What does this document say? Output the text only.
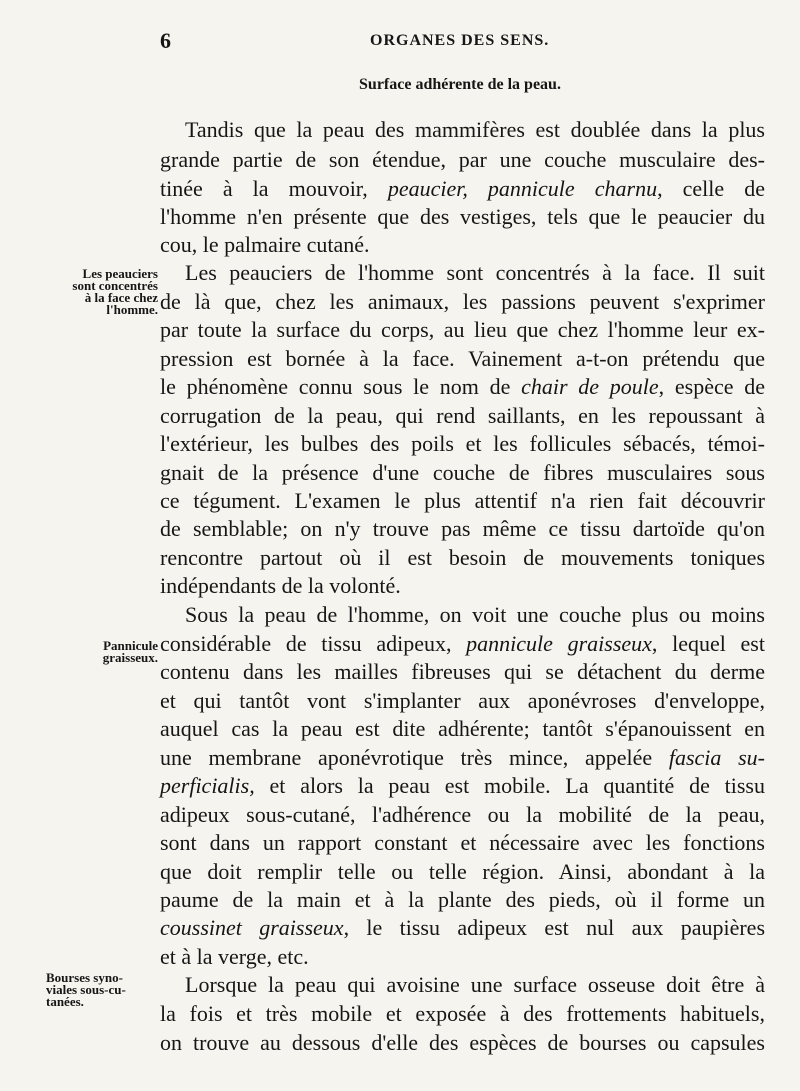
6	ORGANES DES SENS.
Surface adhérente de la peau.
Les peauciers
sont concentrés
à la face chez
l'homme.
Pannicule
graisseux.
Bourses syno-
viales sous-cu-
tanées.
Tandis que la peau des mammifères est doublée dans la plus
grande partie de son étendue, par une couche musculaire des-
tinée à la mouvoir, peaucier, pannicule charnu, celle de
l'homme n'en présente que des vestiges, tels que le peaucier du
cou, le palmaire cutané.
Les peauciers de l'homme sont concentrés à la face. Il suit
de là que, chez les animaux, les passions peuvent s'exprimer
par toute la surface du corps, au lieu que chez l'homme leur ex-
pression est bornée à la face. Vainement a-t-on prétendu que
le phénomène connu sous le nom de chair de poule, espèce de
corrugation de la peau, qui rend saillants, en les repoussant à
l'extérieur, les bulbes des poils et les follicules sébacés, témoi-
gnait de la présence d'une couche de fibres musculaires sous
ce tégument. L'examen le plus attentif n'a rien fait découvrir
de semblable; on n'y trouve pas même ce tissu dartoïde qu'on
rencontre partout où il est besoin de mouvements toniques
indépendants de la volonté.
Sous la peau de l'homme, on voit une couche plus ou moins
considérable de tissu adipeux, pannicule graisseux, lequel est
contenu dans les mailles fibreuses qui se détachent du derme
et qui tantôt vont s'implanter aux aponévroses d'enveloppe,
auquel cas la peau est dite adhérente; tantôt s'épanouissent en
une membrane aponévrotique très mince, appelée fascia su-
perficialis, et alors la peau est mobile. La quantité de tissu
adipeux sous-cutané, l'adhérence ou la mobilité de la peau,
sont dans un rapport constant et nécessaire avec les fonctions
que doit remplir telle ou telle région. Ainsi, abondant à la
paume de la main et à la plante des pieds, où il forme un
coussinet graisseux, le tissu adipeux est nul aux paupières
et à la verge, etc.
Lorsque la peau qui avoisine une surface osseuse doit être à
la fois et très mobile et exposée à des frottements habituels,
on trouve au dessous d'elle des espèces de bourses ou capsules
